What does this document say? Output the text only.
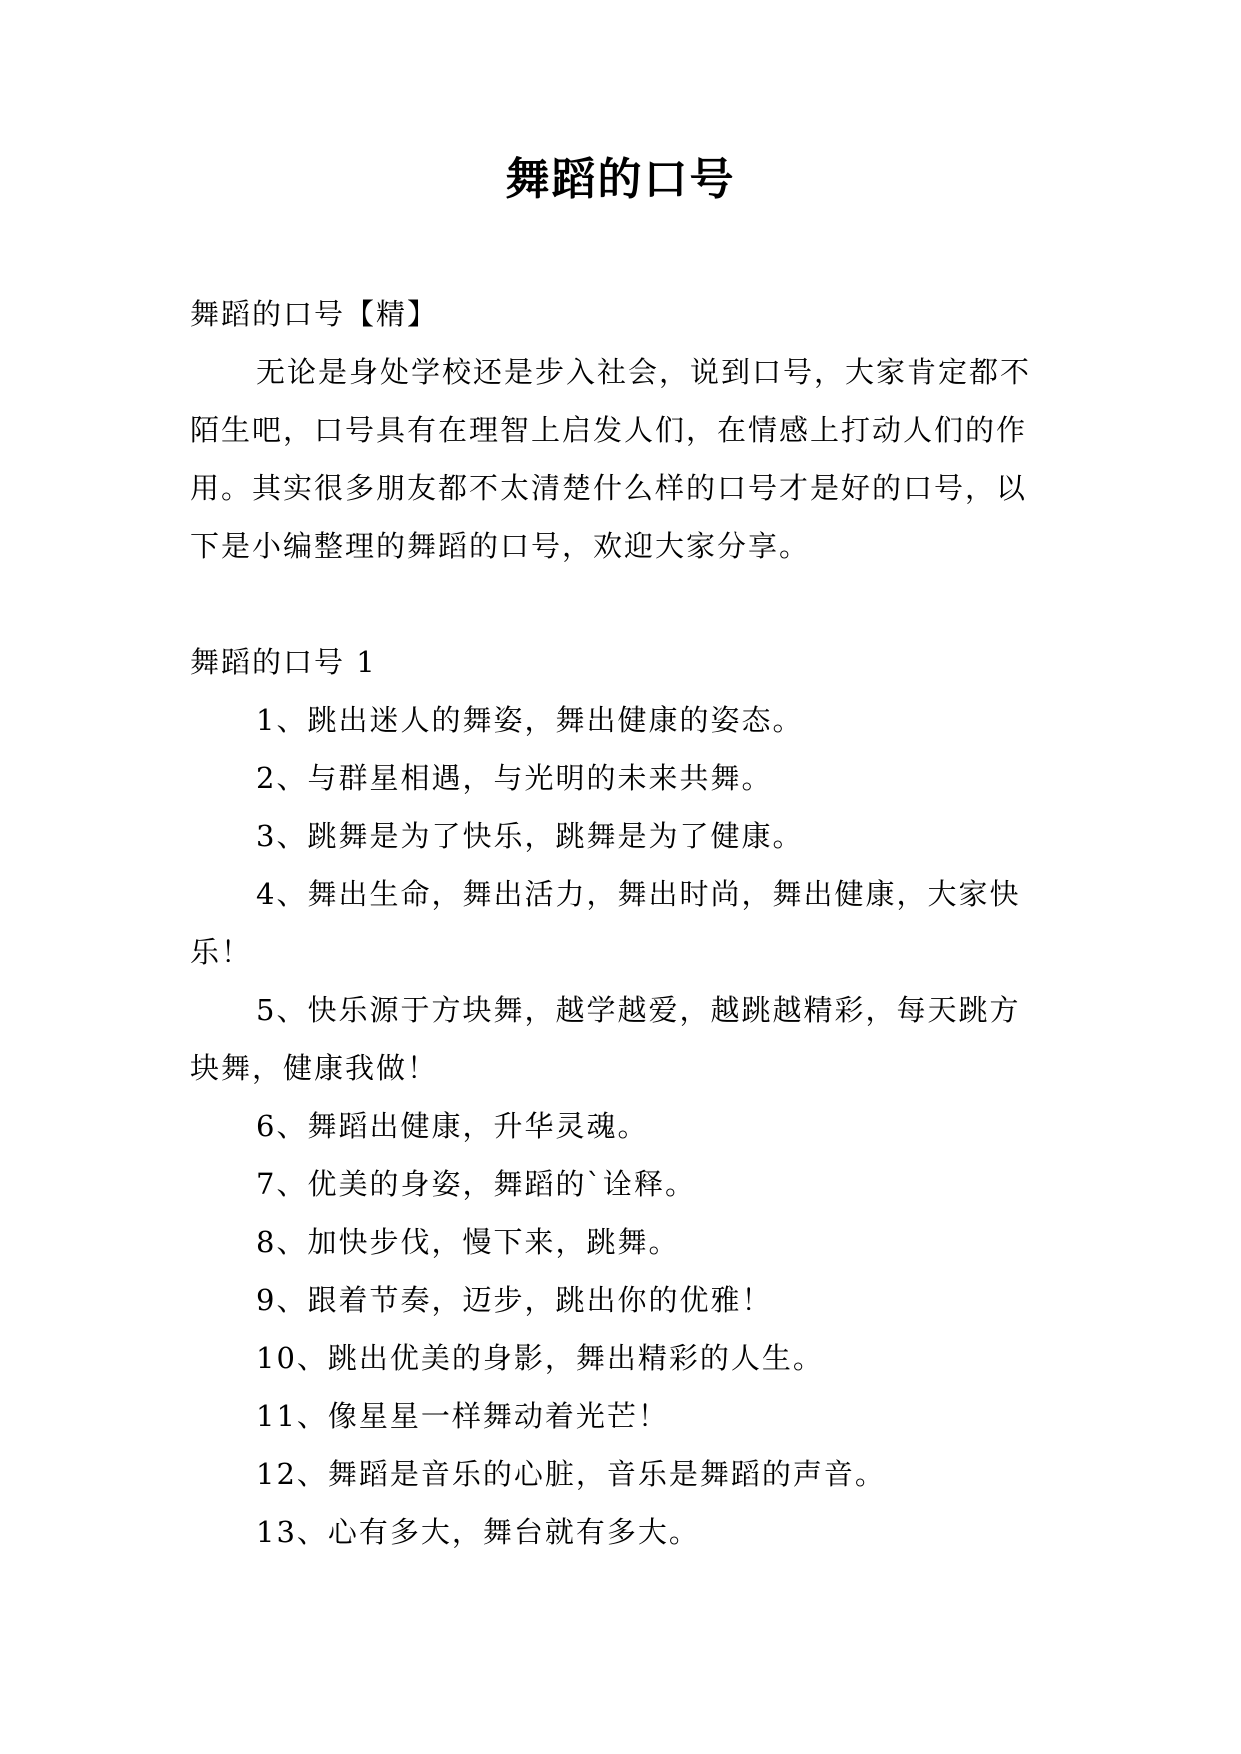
舞蹈的口号

舞蹈的口号【精】

无论是身处学校还是步入社会，说到口号，大家肯定都不陌生吧，口号具有在理智上启发人们，在情感上打动人们的作用。其实很多朋友都不太清楚什么样的口号才是好的口号，以下是小编整理的舞蹈的口号，欢迎大家分享。

舞蹈的口号 1

1、跳出迷人的舞姿，舞出健康的姿态。

2、与群星相遇，与光明的未来共舞。

3、跳舞是为了快乐，跳舞是为了健康。

4、舞出生命，舞出活力，舞出时尚，舞出健康，大家快乐！

5、快乐源于方块舞，越学越爱，越跳越精彩，每天跳方块舞，健康我做！

6、舞蹈出健康，升华灵魂。

7、优美的身姿，舞蹈的`诠释。

8、加快步伐，慢下来，跳舞。

9、跟着节奏，迈步，跳出你的优雅！

10、跳出优美的身影，舞出精彩的人生。

11、像星星一样舞动着光芒！

12、舞蹈是音乐的心脏，音乐是舞蹈的声音。

13、心有多大，舞台就有多大。
